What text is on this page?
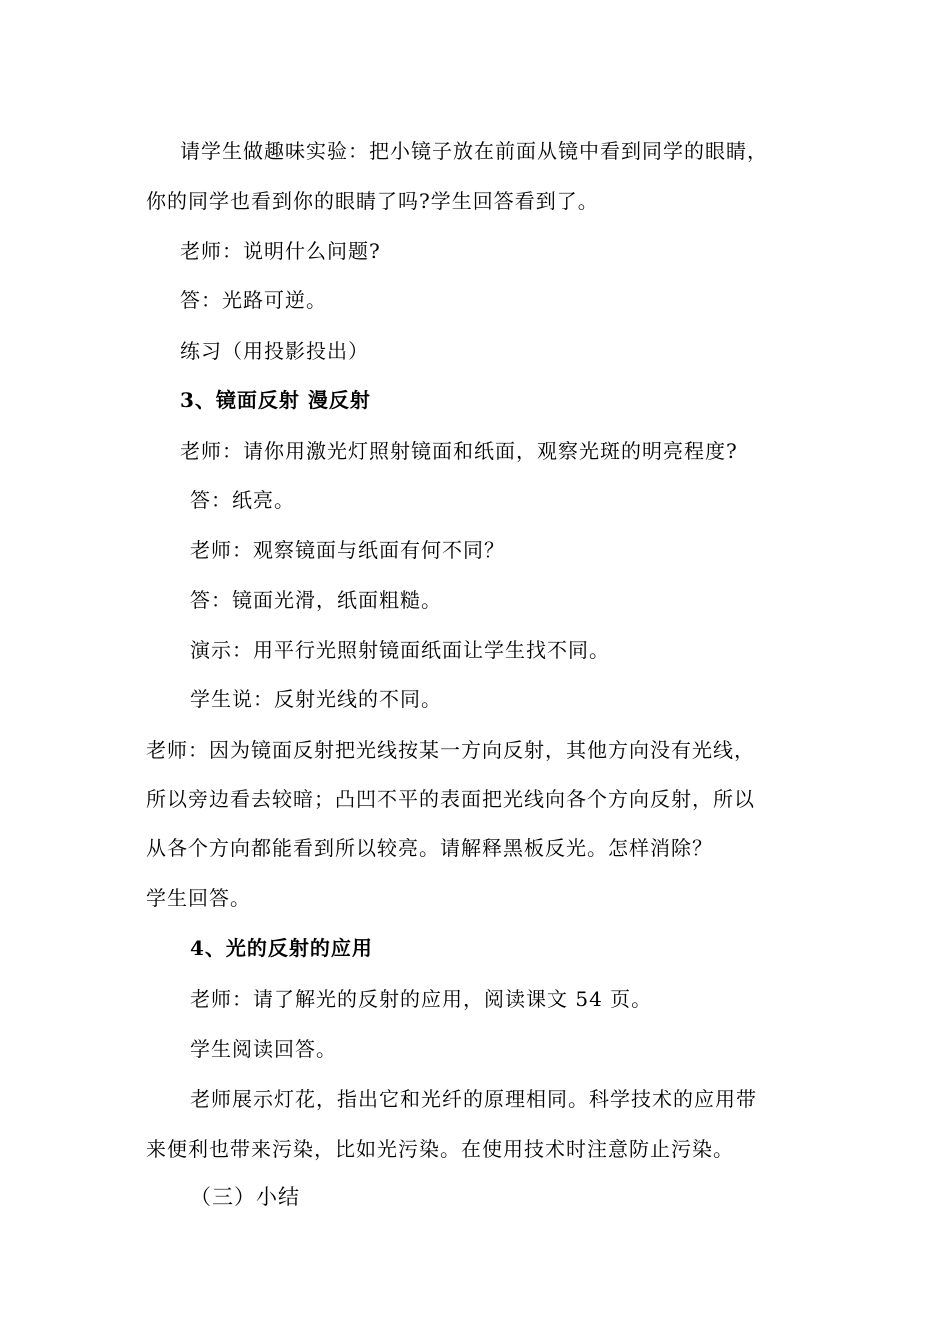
请学生做趣味实验：把小镜子放在前面从镜中看到同学的眼睛，
你的同学也看到你的眼睛了吗?学生回答看到了。
老师：说明什么问题?
答：光路可逆。
练习（用投影投出）
3、镜面反射 漫反射
老师：请你用激光灯照射镜面和纸面，观察光斑的明亮程度?
答：纸亮。
老师：观察镜面与纸面有何不同？
答：镜面光滑，纸面粗糙。
演示：用平行光照射镜面纸面让学生找不同。
学生说：反射光线的不同。
老师：因为镜面反射把光线按某一方向反射，其他方向没有光线，
所以旁边看去较暗；凸凹不平的表面把光线向各个方向反射，所以
从各个方向都能看到所以较亮。请解释黑板反光。怎样消除？
学生回答。
4、光的反射的应用
老师：请了解光的反射的应用，阅读课文 54 页。
学生阅读回答。
老师展示灯花，指出它和光纤的原理相同。科学技术的应用带
来便利也带来污染，比如光污染。在使用技术时注意防止污染。
（三）小结
